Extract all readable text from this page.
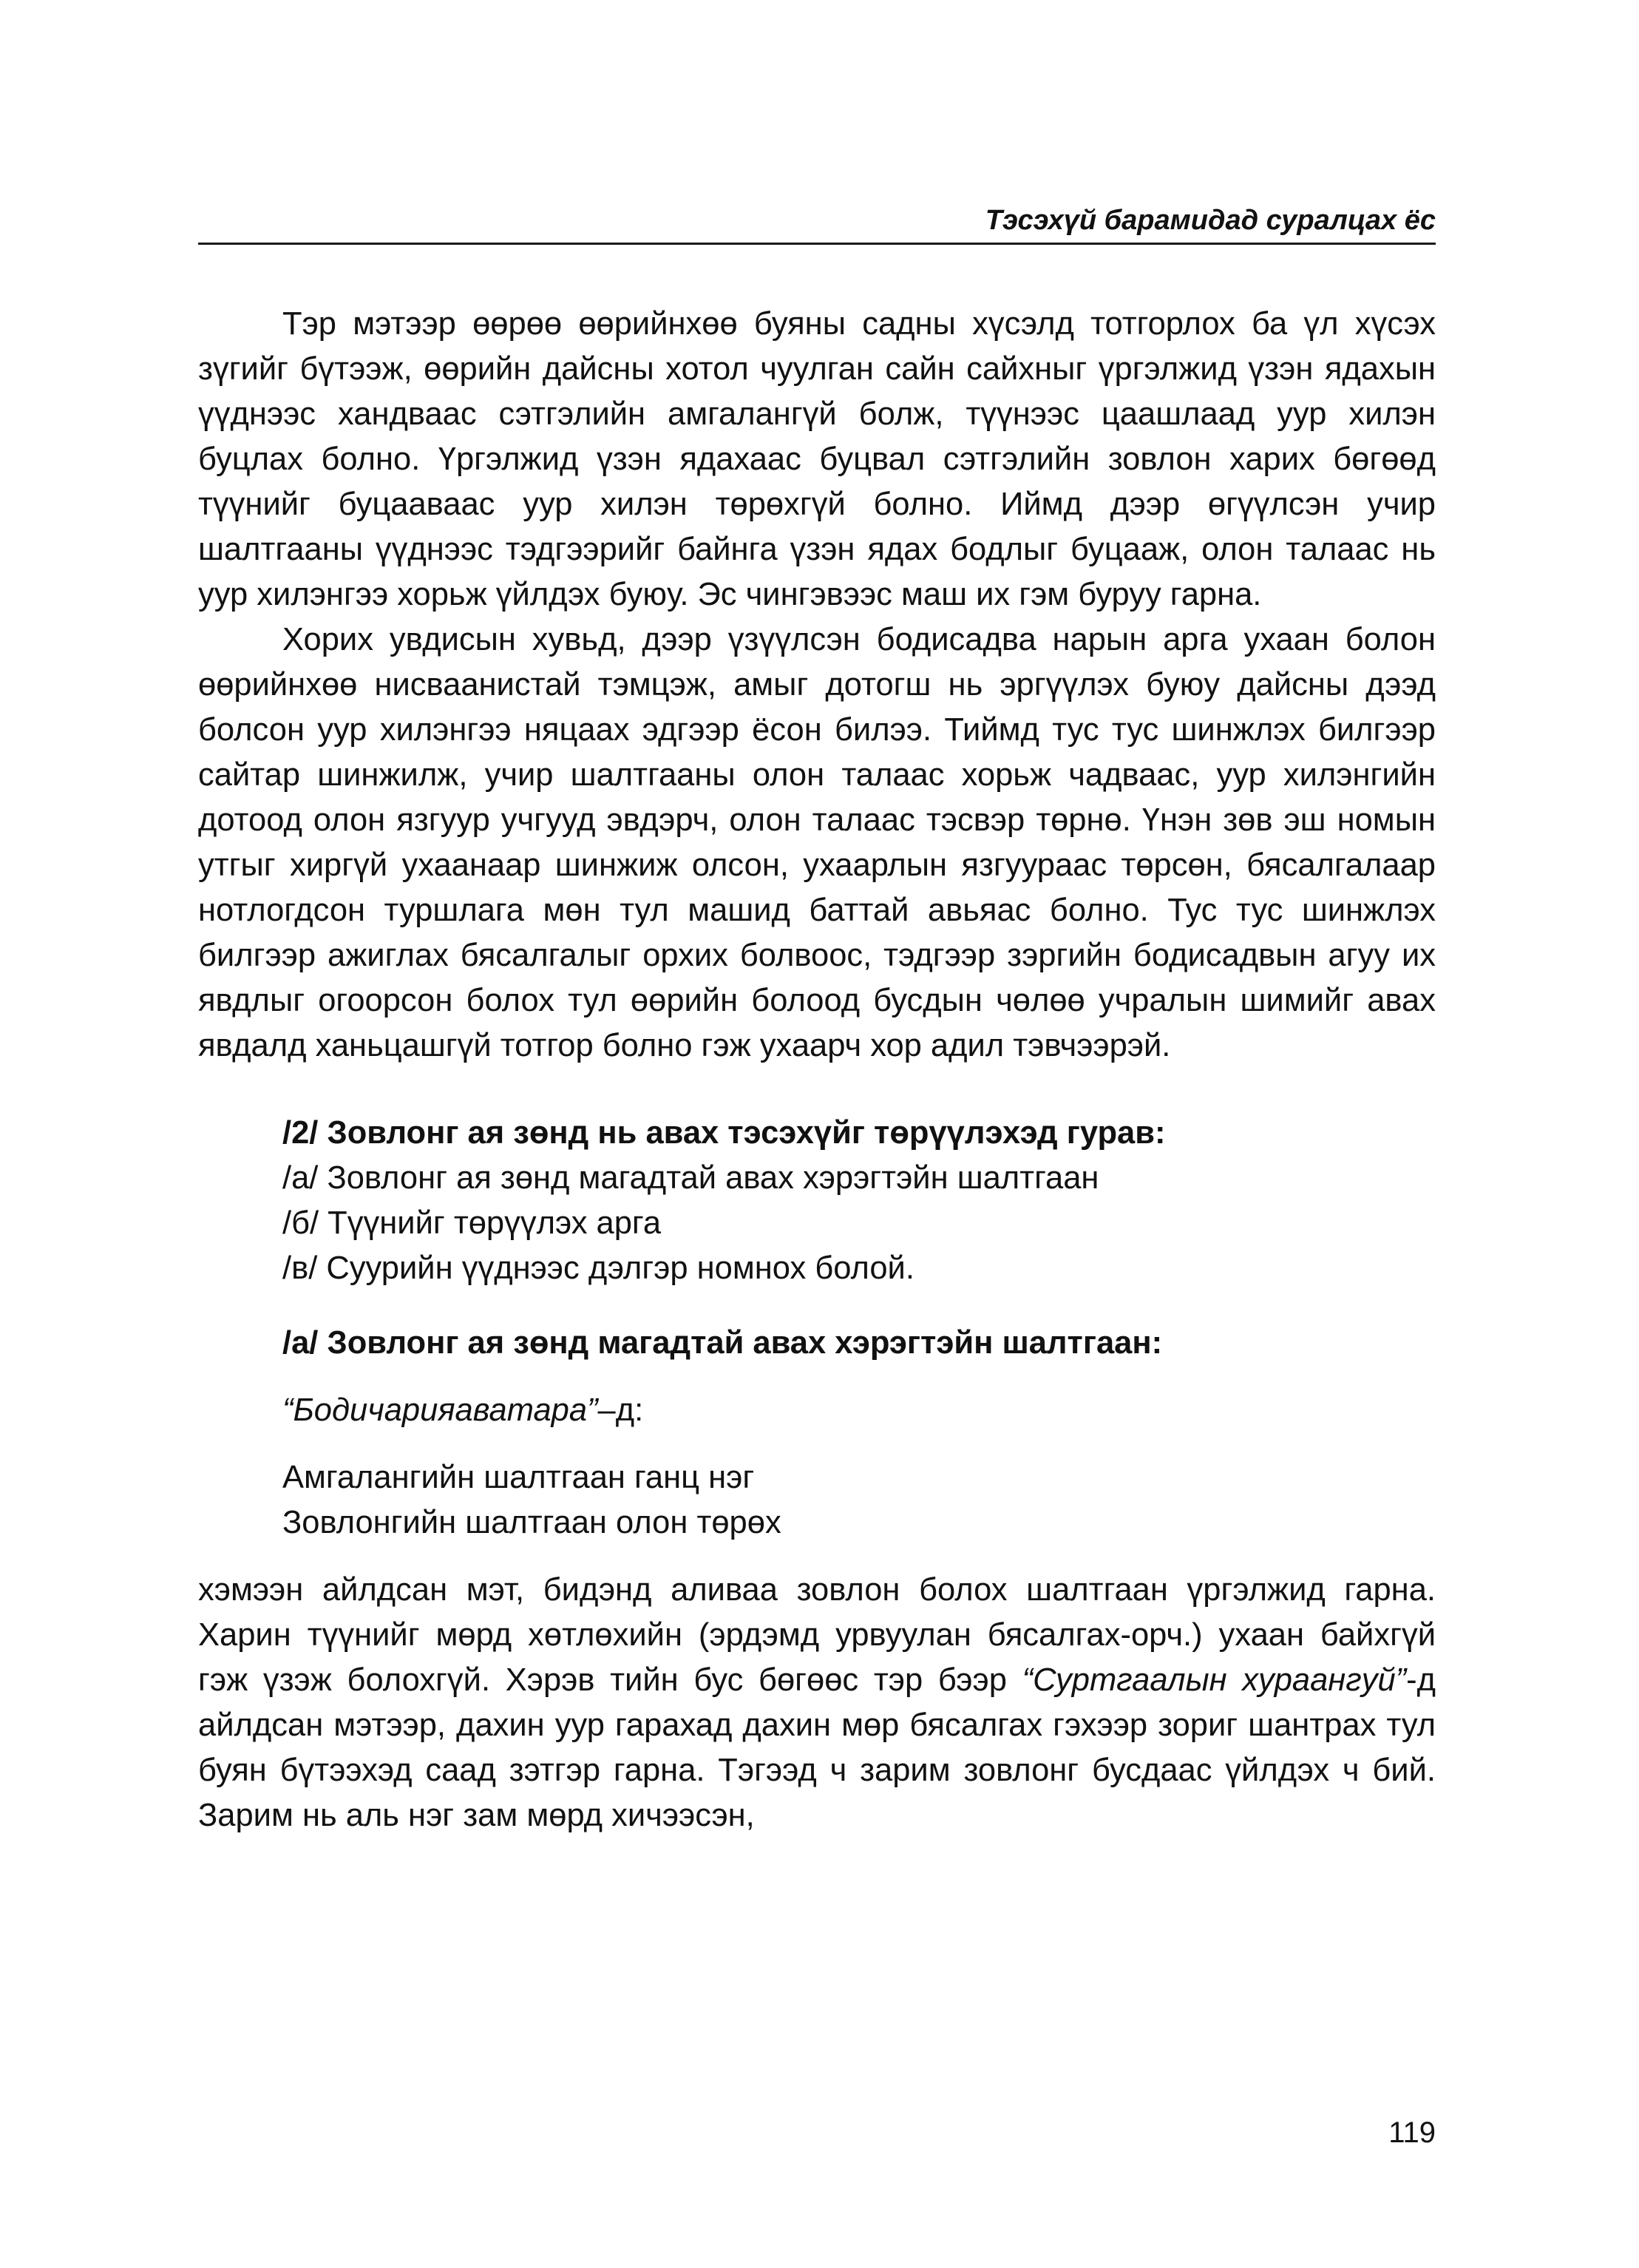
Тэсэхүй барамидад суралцах ёс

Тэр мэтээр өөрөө өөрийнхөө буяны садны хүсэлд тотгорлох ба үл хүсэх зүгийг бүтээж, өөрийн дайсны хотол чуулган сайн сайхныг үргэлжид үзэн ядахын үүднээс хандваас сэтгэлийн амгалангүй болж, түүнээс цаашлаад уур хилэн буцлах болно. Үргэлжид үзэн ядахаас буцвал сэтгэлийн зовлон харих бөгөөд түүнийг буцааваас уур хилэн төрөхгүй болно. Иймд дээр өгүүлсэн учир шалтгааны үүднээс тэдгээрийг байнга үзэн ядах бодлыг буцааж, олон талаас нь уур хилэнгээ хорьж үйлдэх буюу. Эс чингэвээс маш их гэм буруу гарна.

Хорих увдисын хувьд, дээр үзүүлсэн бодисадва нарын арга ухаан болон өөрийнхөө нисваанистай тэмцэж, амыг дотогш нь эргүүлэх буюу дайсны дээд болсон уур хилэнгээ няцаах эдгээр ёсон билээ. Тиймд тус тус шинжлэх билгээр сайтар шинжилж, учир шалтгааны олон талаас хорьж чадваас, уур хилэнгийн дотоод олон язгуур учгууд эвдэрч, олон талаас тэсвэр төрнө. Үнэн зөв эш номын утгыг хиргүй ухаанаар шинжиж олсон, ухаарлын язгуураас төрсөн, бясалгалаар нотлогдсон туршлага мөн тул машид баттай авьяас болно. Тус тус шинжлэх билгээр ажиглах бясалгалыг орхих болвоос, тэдгээр зэргийн бодисадвын агуу их явдлыг огоорсон болох тул өөрийн болоод бусдын чөлөө учралын шимийг авах явдалд ханьцашгүй тотгор болно гэж ухаарч хор адил тэвчээрэй.

/2/ Зовлонг ая зөнд нь авах тэсэхүйг төрүүлэхэд гурав:

/а/ Зовлонг ая зөнд магадтай авах хэрэгтэйн шалтгаан
/б/ Түүнийг төрүүлэх арга
/в/ Суурийн үүднээс дэлгэр номнох болой.

/а/ Зовлонг ая зөнд магадтай авах хэрэгтэйн шалтгаан:

“Бодичарияаватара”–д:

Амгалангийн шалтгаан ганц нэг
Зовлонгийн шалтгаан олон төрөх

хэмээн айлдсан мэт, бидэнд аливаа зовлон болох шалтгаан үргэлжид гарна. Харин түүнийг мөрд хөтлөхийн (эрдэмд урвуулан бясалгах-орч.) ухаан байхгүй гэж үзэж болохгүй. Хэрэв тийн бус бөгөөс тэр бээр “Суртгаалын хураангуй”-д айлдсан мэтээр, дахин уур гарахад дахин мөр бясалгах гэхээр зориг шантрах тул буян бүтээхэд саад зэтгэр гарна. Тэгээд ч зарим зовлонг бусдаас үйлдэх ч бий. Зарим нь аль нэг зам мөрд хичээсэн,

119
